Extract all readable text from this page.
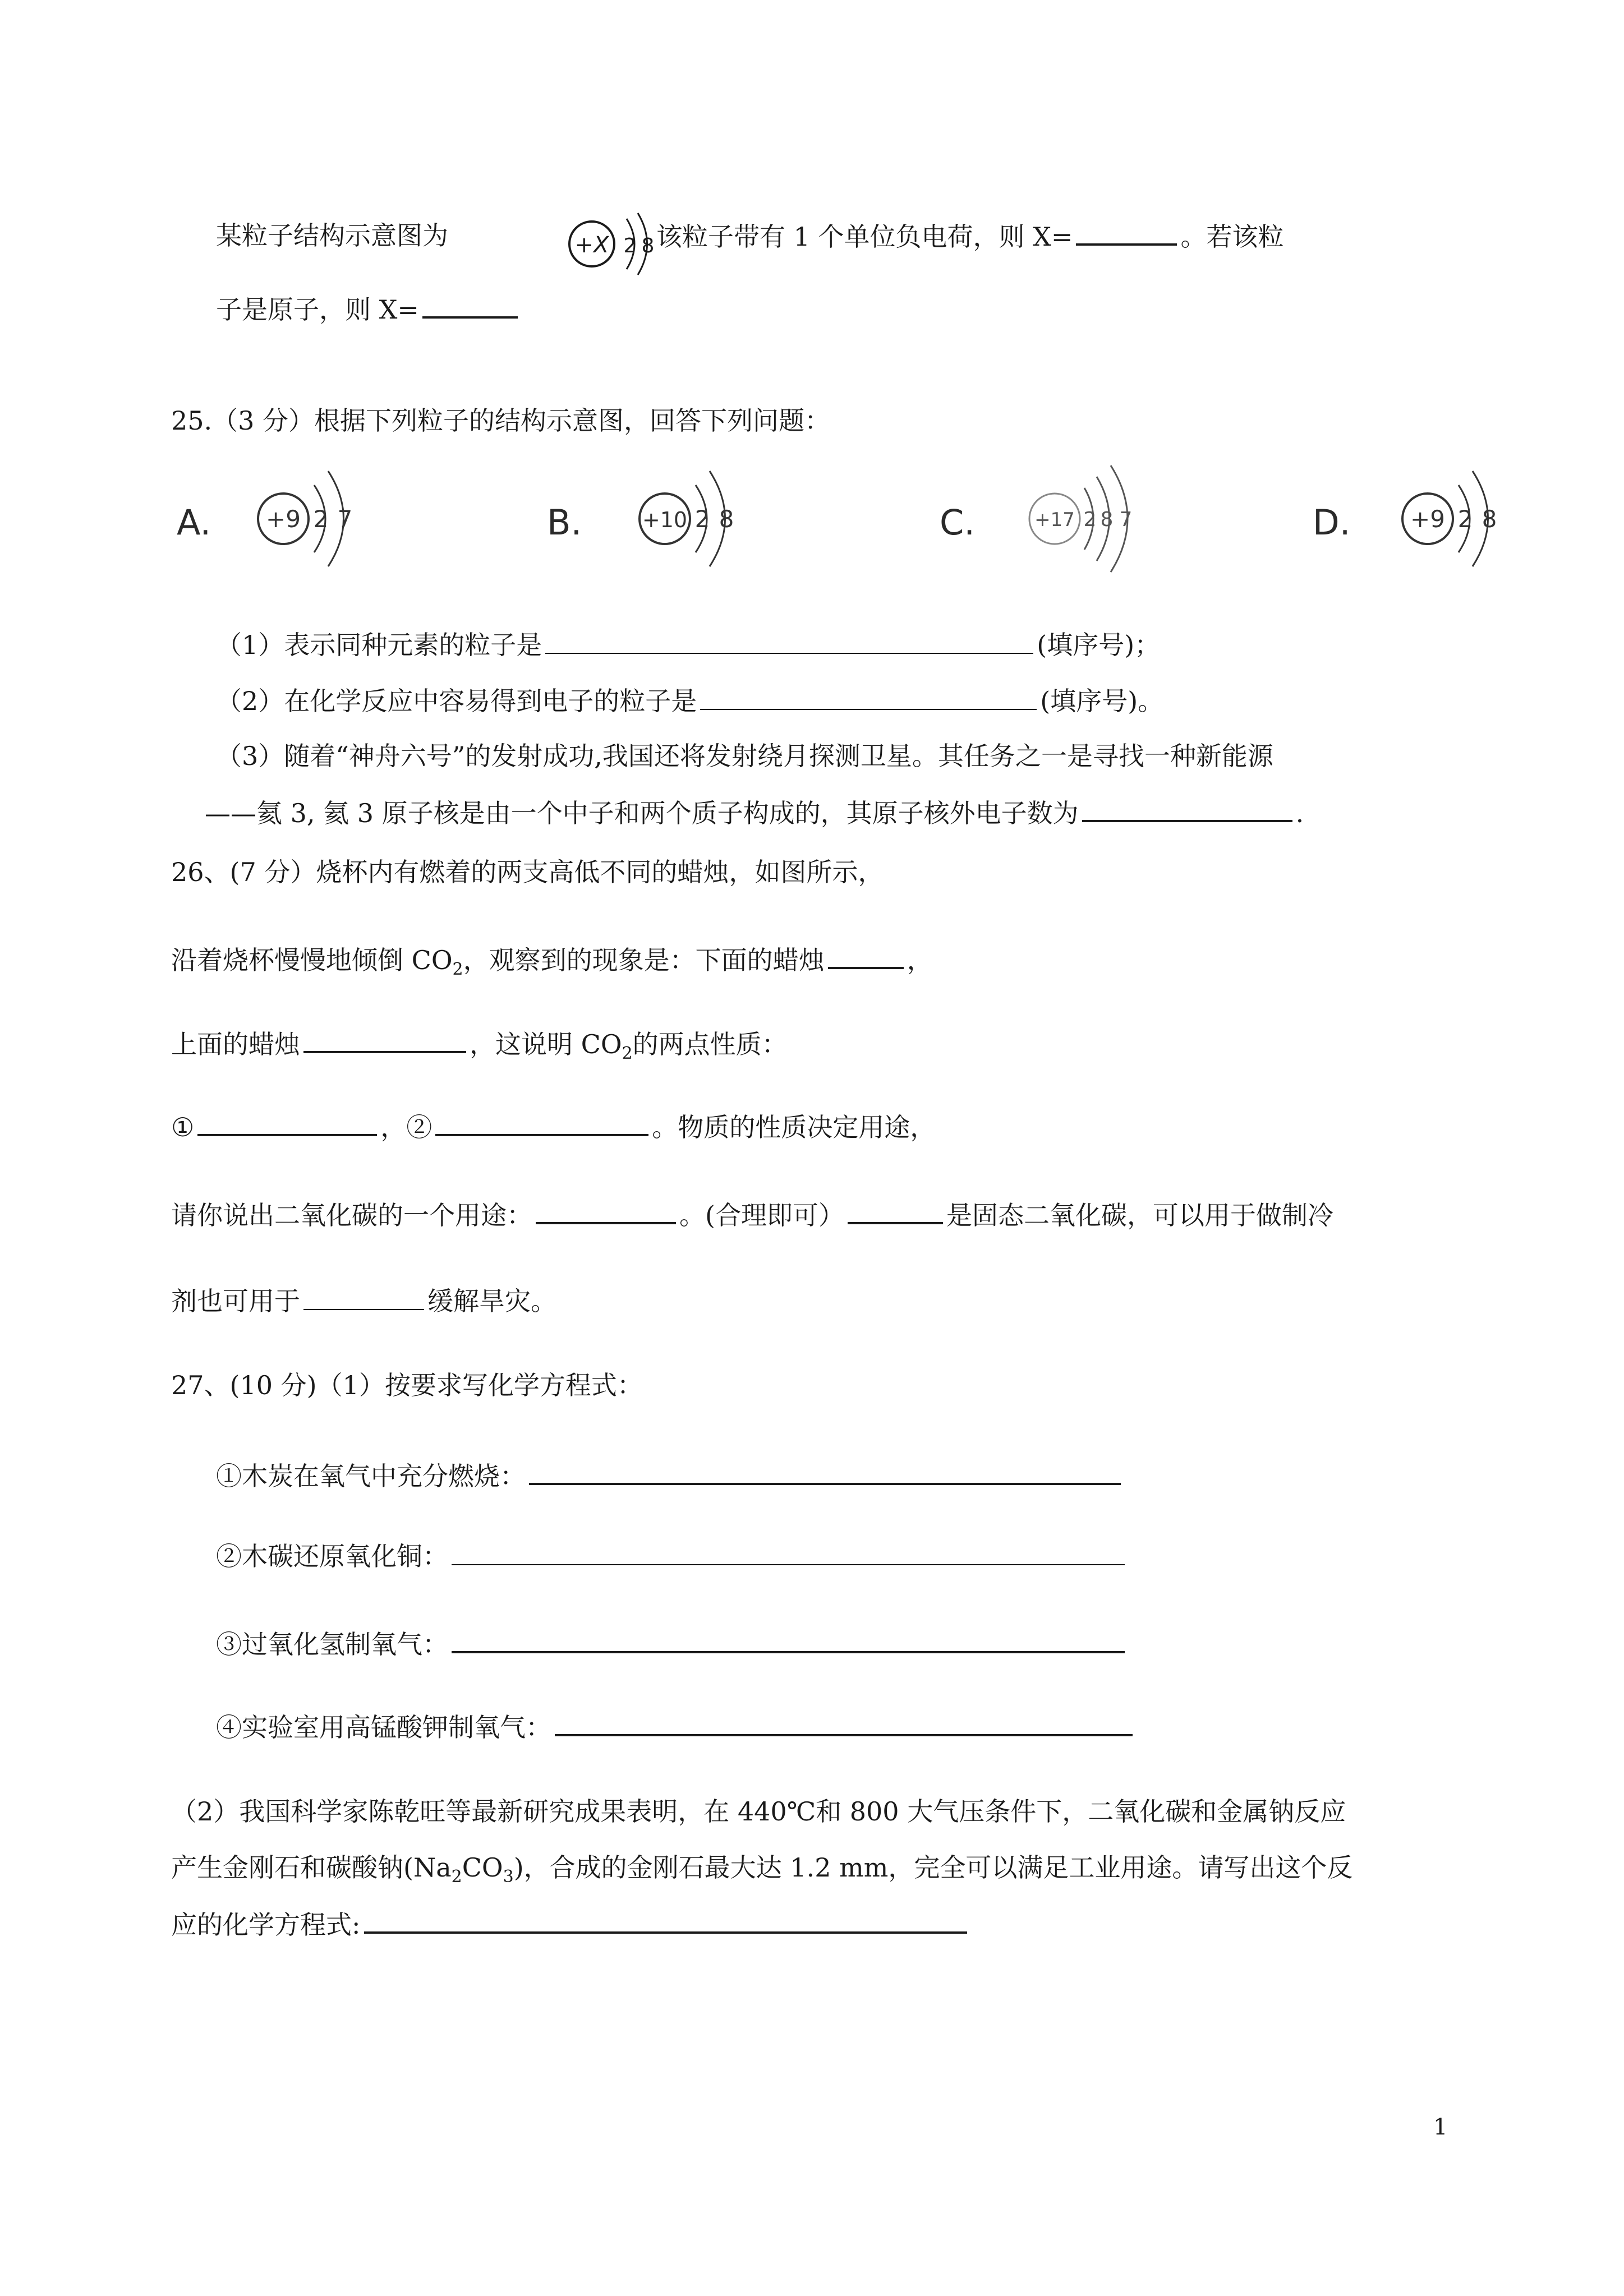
某粒子结构示意图为	+X 2 8 该粒子带有 1 个单位负电荷，则 X=	。若该粒
子是原子，则 X=
25.（3 分）根据下列粒子的结构示意图，回答下列问题：
A. +9 2 7	B.	+10 2 8	C.	+17 2 8 7	D.	+9 2 8
（1）表示同种元素的粒子是	(填序号)；
（2）在化学反应中容易得到电子的粒子是	(填序号)。
（3）随着“神舟六号”的发射成功,我国还将发射绕月探测卫星。其任务之一是寻找一种新能源
——氦 3, 氦 3 原子核是由一个中子和两个质子构成的，其原子核外电子数为	.
26、(7 分）烧杯内有燃着的两支高低不同的蜡烛，如图所示，
沿着烧杯慢慢地倾倒 $CO_2$，观察到的现象是：下面的蜡烛	，
上面的蜡烛	，这说明 $CO_2$的两点性质：
①	，②	。物质的性质决定用途，
请你说出二氧化碳的一个用途：	。(合理即可）	是固态二氧化碳，可以用于做制冷
剂也可用于	缓解旱灾。
27、(10 分)（1）按要求写化学方程式：
①木炭在氧气中充分燃烧：
②木碳还原氧化铜：
③过氧化氢制氧气：
④实验室用高锰酸钾制氧气：
（2）我国科学家陈乾旺等最新研究成果表明，在 440℃和 800 大气压条件下，二氧化碳和金属钠反应
产生金刚石和碳酸钠$(Na_2CO_3)$，合成的金刚石最大达 1.2 mm，完全可以满足工业用途。请写出这个反
应的化学方程式:
1
